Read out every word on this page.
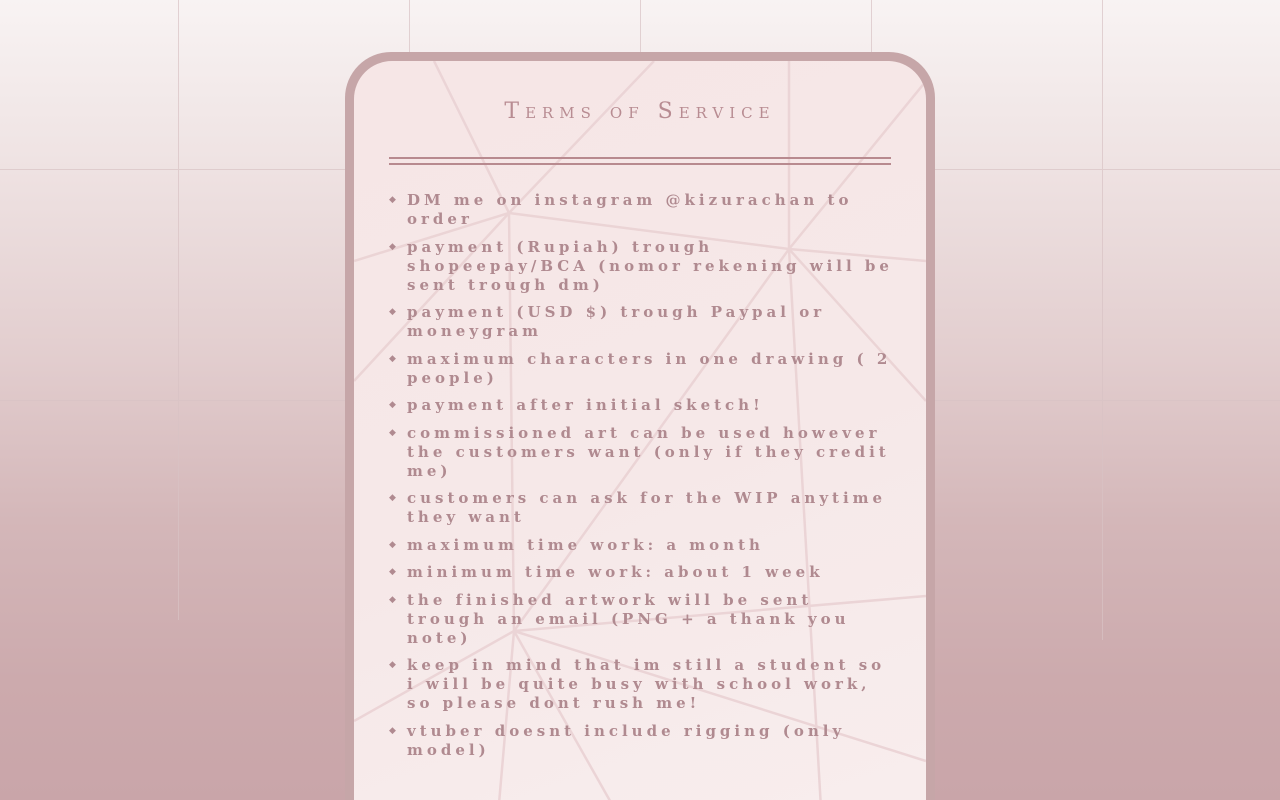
Terms of Service
◆ DM me on instagram @kizurachan to order
◆ payment (Rupiah) trough shopeepay/BCA (nomor rekening will be sent trough dm)
◆ payment (USD $) trough Paypal or moneygram
◆ maximum characters in one drawing ( 2 people)
◆ payment after initial sketch!
◆ commissioned art can be used however the customers want (only if they credit me)
◆ customers can ask for the WIP anytime they want
◆ maximum time work: a month
◆ minimum time work: about 1 week
◆ the finished artwork will be sent trough an email (PNG + a thank you note)
◆ keep in mind that im still a student so i will be quite busy with school work, so please dont rush me!
◆ vtuber doesnt include rigging (only model)
